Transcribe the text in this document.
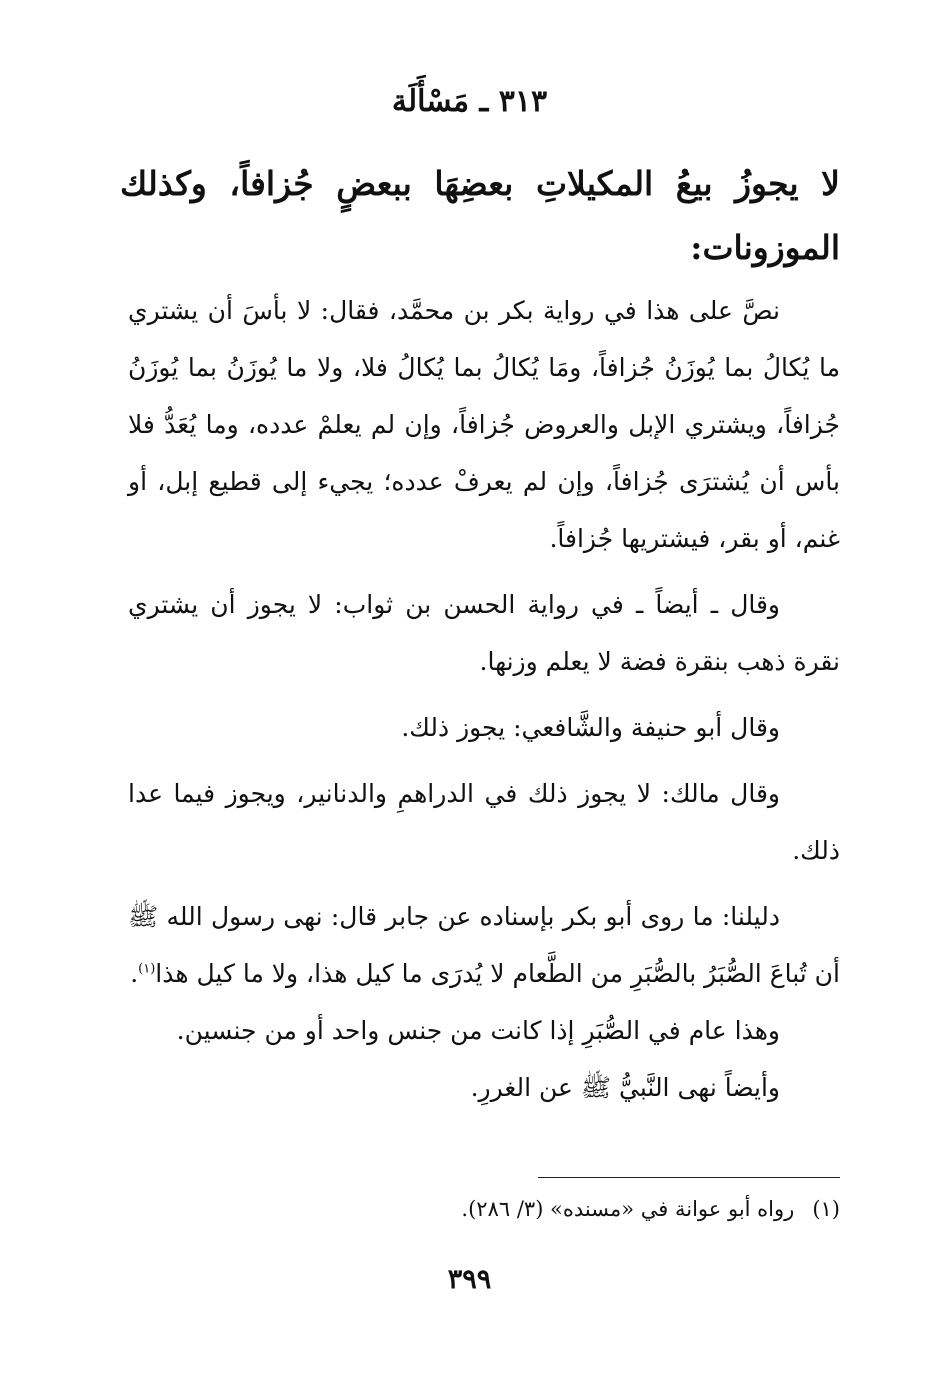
٣١٣ ـ مَسْأَلَة
لا يجوزُ بيعُ المكيلاتِ بعضِهَا ببعضٍ جُزافاً، وكذلك الموزونات:

نصَّ على هذا في رواية بكر بن محمَّد، فقال: لا بأسَ أن يشتري ما يُكالُ بما يُوزَنُ جُزافاً، ومَا يُكالُ بما يُكالُ فلا، ولا ما يُوزَنُ بما يُوزَنُ جُزافاً، ويشتري الإبل والعروض جُزافاً، وإن لم يعلمْ عدده، وما يُعَدُّ فلا بأس أن يُشترَى جُزافاً، وإن لم يعرفْ عدده؛ يجيء إلى قطيع إبل، أو غنم، أو بقر، فيشتريها جُزافاً.

وقال ـ أيضاً ـ في رواية الحسن بن ثواب: لا يجوز أن يشتري نقرة ذهب بنقرة فضة لا يعلم وزنها.

وقال أبو حنيفة والشَّافعي: يجوز ذلك.

وقال مالك: لا يجوز ذلك في الدراهمِ والدنانير، ويجوز فيما عدا ذلك.

دليلنا: ما روى أبو بكر بإسناده عن جابر قال: نهى رسول الله ﷺ أن تُباعَ الصُّبَرُ بالصُّبَرِ من الطَّعام لا يُدرَى ما كيل هذا، ولا ما كيل هذا$^{(١)}$.

وهذا عام في الصُّبَرِ إذا كانت من جنس واحد أو من جنسين.

وأيضاً نهى النَّبيُّ ﷺ عن الغررِ.

(١)رواه أبو عوانة في «مسنده» (٣/ ٢٨٦).
٣٩٩
